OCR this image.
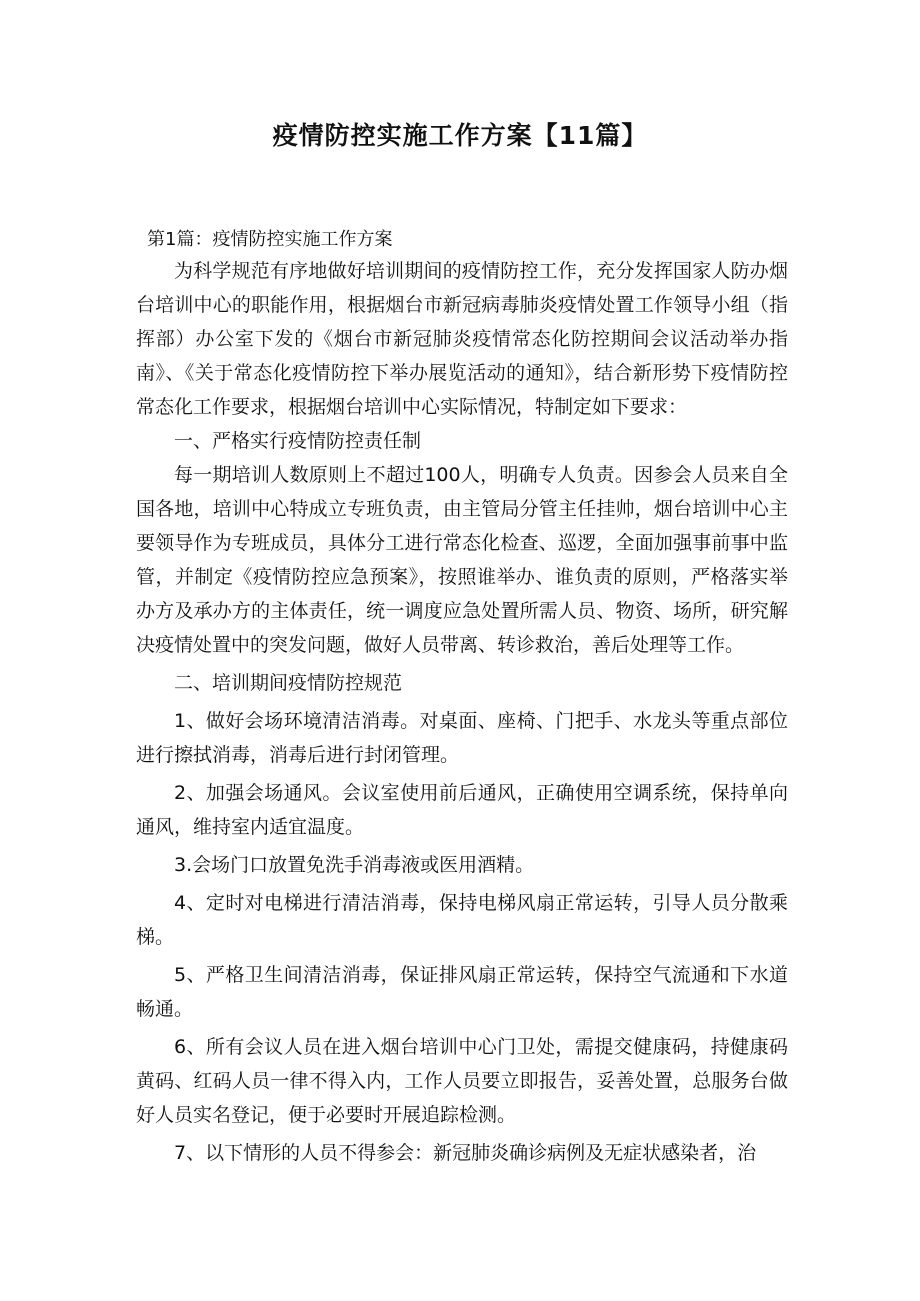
疫情防控实施工作方案【11篇】

第1篇：疫情防控实施工作方案

为科学规范有序地做好培训期间的疫情防控工作，充分发挥国家人防办烟台培训中心的职能作用，根据烟台市新冠病毒肺炎疫情处置工作领导小组（指挥部）办公室下发的《烟台市新冠肺炎疫情常态化防控期间会议活动举办指南》、《关于常态化疫情防控下举办展览活动的通知》，结合新形势下疫情防控常态化工作要求，根据烟台培训中心实际情况，特制定如下要求：

一、严格实行疫情防控责任制

每一期培训人数原则上不超过100人，明确专人负责。因参会人员来自全国各地，培训中心特成立专班负责，由主管局分管主任挂帅，烟台培训中心主要领导作为专班成员，具体分工进行常态化检查、巡逻，全面加强事前事中监管，并制定《疫情防控应急预案》，按照谁举办、谁负责的原则，严格落实举办方及承办方的主体责任，统一调度应急处置所需人员、物资、场所，研究解决疫情处置中的突发问题，做好人员带离、转诊救治，善后处理等工作。

二、培训期间疫情防控规范

1、做好会场环境清洁消毒。对桌面、座椅、门把手、水龙头等重点部位进行擦拭消毒，消毒后进行封闭管理。

2、加强会场通风。会议室使用前后通风，正确使用空调系统，保持单向通风，维持室内适宜温度。

3.会场门口放置免洗手消毒液或医用酒精。

4、定时对电梯进行清洁消毒，保持电梯风扇正常运转，引导人员分散乘梯。

5、严格卫生间清洁消毒，保证排风扇正常运转，保持空气流通和下水道畅通。

6、所有会议人员在进入烟台培训中心门卫处，需提交健康码，持健康码黄码、红码人员一律不得入内，工作人员要立即报告，妥善处置，总服务台做好人员实名登记，便于必要时开展追踪检测。

7、以下情形的人员不得参会：新冠肺炎确诊病例及无症状感染者，治
